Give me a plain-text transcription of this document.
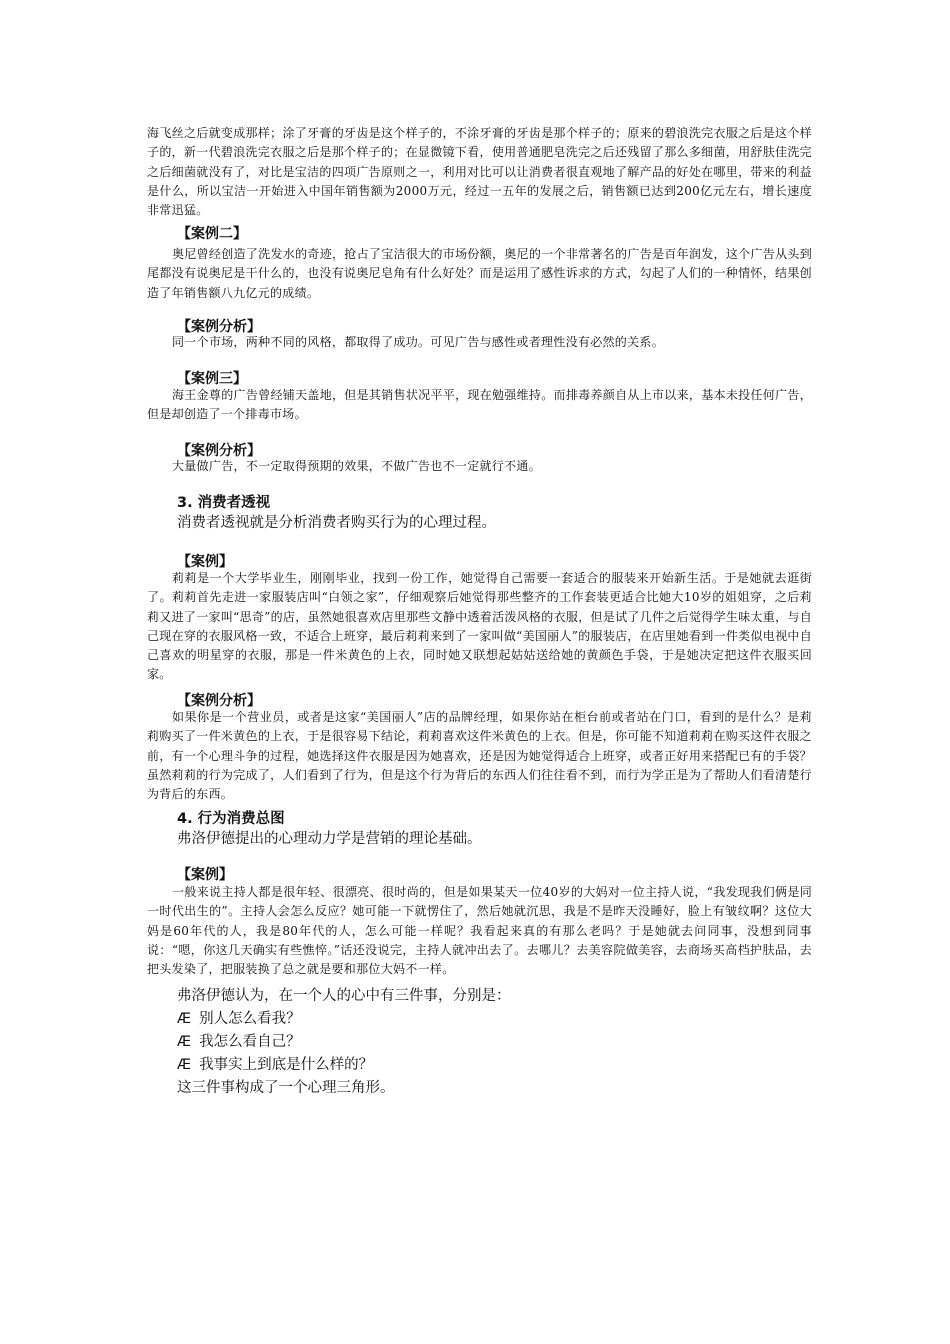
海飞丝之后就变成那样；涂了牙膏的牙齿是这个样子的，不涂牙膏的牙齿是那个样子的；原来的碧浪洗完衣服之后是这个样子的，新一代碧浪洗完衣服之后是那个样子的；在显微镜下看，使用普通肥皂洗完之后还残留了那么多细菌，用舒肤佳洗完之后细菌就没有了，对比是宝洁的四项广告原则之一，利用对比可以让消费者很直观地了解产品的好处在哪里，带来的利益是什么，所以宝洁一开始进入中国年销售额为2000万元，经过一五年的发展之后，销售额已达到200亿元左右，增长速度非常迅猛。

【案例二】

奥尼曾经创造了洗发水的奇迹，抢占了宝洁很大的市场份额，奥尼的一个非常著名的广告是百年润发，这个广告从头到尾都没有说奥尼是干什么的，也没有说奥尼皂角有什么好处？而是运用了感性诉求的方式，勾起了人们的一种情怀，结果创造了年销售额八九亿元的成绩。

【案例分析】

同一个市场，两种不同的风格，都取得了成功。可见广告与感性或者理性没有必然的关系。

【案例三】

海王金尊的广告曾经铺天盖地，但是其销售状况平平，现在勉强维持。而排毒养颜自从上市以来，基本未投任何广告，但是却创造了一个排毒市场。

【案例分析】

大量做广告，不一定取得预期的效果，不做广告也不一定就行不通。

3. 消费者透视

消费者透视就是分析消费者购买行为的心理过程。

【案例】

莉莉是一个大学毕业生，刚刚毕业，找到一份工作，她觉得自己需要一套适合的服装来开始新生活。于是她就去逛街了。莉莉首先走进一家服装店叫“白领之家”，仔细观察后她觉得那些整齐的工作套装更适合比她大10岁的姐姐穿，之后莉莉又进了一家叫“思奇”的店，虽然她很喜欢店里那些文静中透着活泼风格的衣服，但是试了几件之后觉得学生味太重，与自己现在穿的衣服风格一致，不适合上班穿，最后莉莉来到了一家叫做“美国丽人”的服装店，在店里她看到一件类似电视中自己喜欢的明星穿的衣服，那是一件米黄色的上衣，同时她又联想起姑姑送给她的黄颜色手袋，于是她决定把这件衣服买回家。

【案例分析】

如果你是一个营业员，或者是这家“美国丽人”店的品牌经理，如果你站在柜台前或者站在门口，看到的是什么？是莉莉购买了一件米黄色的上衣，于是很容易下结论，莉莉喜欢这件米黄色的上衣。但是，你可能不知道莉莉在购买这件衣服之前，有一个心理斗争的过程，她选择这件衣服是因为她喜欢，还是因为她觉得适合上班穿，或者正好用来搭配已有的手袋？虽然莉莉的行为完成了，人们看到了行为，但是这个行为背后的东西人们往往看不到，而行为学正是为了帮助人们看清楚行为背后的东西。

4. 行为消费总图

弗洛伊德提出的心理动力学是营销的理论基础。

【案例】

一般来说主持人都是很年轻、很漂亮、很时尚的，但是如果某天一位40岁的大妈对一位主持人说，“我发现我们俩是同一时代出生的”。主持人会怎么反应？她可能一下就愣住了，然后她就沉思，我是不是昨天没睡好，脸上有皱纹啊？这位大妈是60年代的人，我是80年代的人，怎么可能一样呢？我看起来真的有那么老吗？于是她就去问同事，没想到同事说：“嗯，你这几天确实有些憔悴。”话还没说完，主持人就冲出去了。去哪儿？去美容院做美容，去商场买高档护肤品，去把头发染了，把服装换了总之就是要和那位大妈不一样。

弗洛伊德认为，在一个人的心中有三件事，分别是：

Æ 别人怎么看我？

Æ 我怎么看自己？

Æ 我事实上到底是什么样的？

这三件事构成了一个心理三角形。
